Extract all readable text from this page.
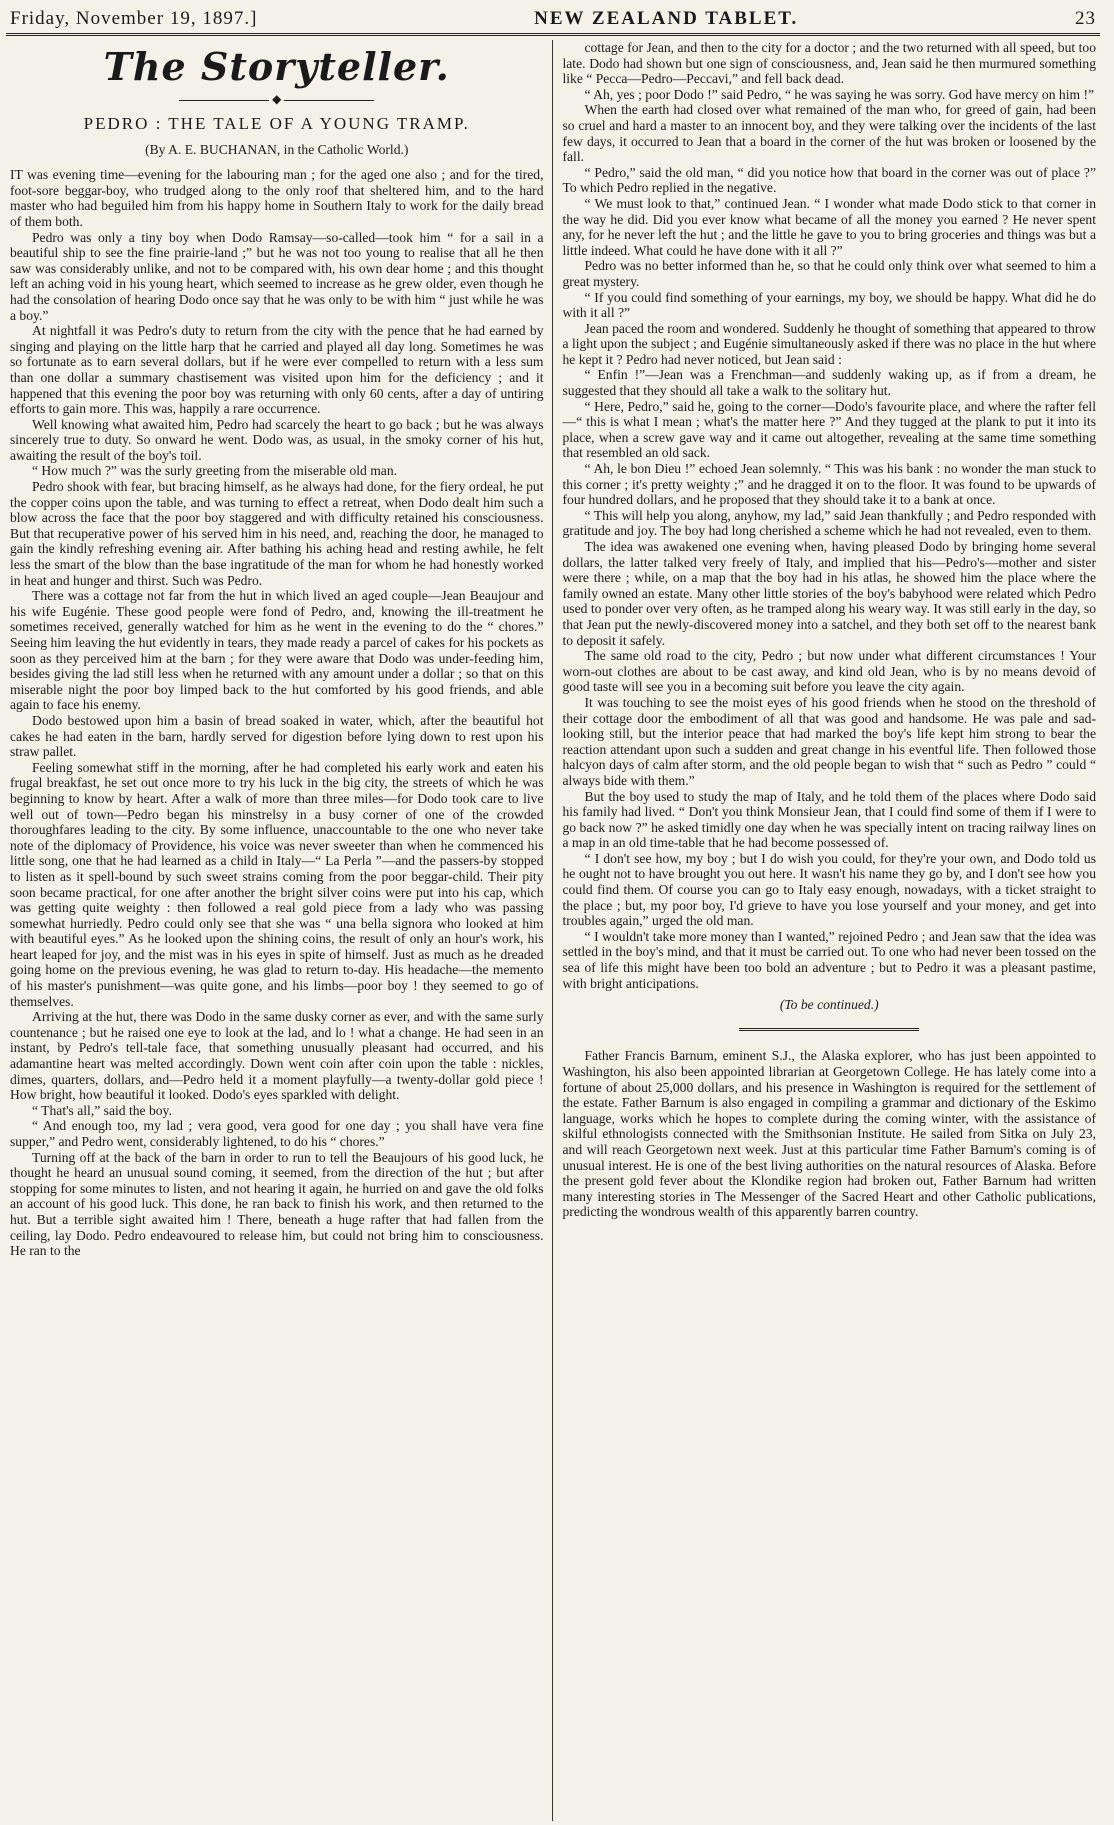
Friday, November 19, 1897.]	NEW ZEALAND TABLET.	23
The Storyteller.
◆
PEDRO : THE TALE OF A YOUNG TRAMP.
(By A. E. BUCHANAN, in the Catholic World.)

IT was evening time—evening for the labouring man ; for the aged one also ; and for the tired, foot-sore beggar-boy, who trudged along to the only roof that sheltered him, and to the hard master who had beguiled him from his happy home in Southern Italy to work for the daily bread of them both.

Pedro was only a tiny boy when Dodo Ramsay—so-called—took him “ for a sail in a beautiful ship to see the fine prairie-land ;” but he was not too young to realise that all he then saw was considerably unlike, and not to be compared with, his own dear home ; and this thought left an aching void in his young heart, which seemed to increase as he grew older, even though he had the consolation of hearing Dodo once say that he was only to be with him “ just while he was a boy.”

At nightfall it was Pedro's duty to return from the city with the pence that he had earned by singing and playing on the little harp that he carried and played all day long. Sometimes he was so fortunate as to earn several dollars, but if he were ever compelled to return with a less sum than one dollar a summary chastisement was visited upon him for the deficiency ; and it happened that this evening the poor boy was returning with only 60 cents, after a day of untiring efforts to gain more. This was, happily a rare occurrence.

Well knowing what awaited him, Pedro had scarcely the heart to go back ; but he was always sincerely true to duty. So onward he went. Dodo was, as usual, in the smoky corner of his hut, awaiting the result of the boy's toil.

“ How much ?” was the surly greeting from the miserable old man.

Pedro shook with fear, but bracing himself, as he always had done, for the fiery ordeal, he put the copper coins upon the table, and was turning to effect a retreat, when Dodo dealt him such a blow across the face that the poor boy staggered and with difficulty retained his consciousness. But that recuperative power of his served him in his need, and, reaching the door, he managed to gain the kindly refreshing evening air. After bathing his aching head and resting awhile, he felt less the smart of the blow than the base ingratitude of the man for whom he had honestly worked in heat and hunger and thirst. Such was Pedro.

There was a cottage not far from the hut in which lived an aged couple—Jean Beaujour and his wife Eugénie. These good people were fond of Pedro, and, knowing the ill-treatment he sometimes received, generally watched for him as he went in the evening to do the “ chores.” Seeing him leaving the hut evidently in tears, they made ready a parcel of cakes for his pockets as soon as they perceived him at the barn ; for they were aware that Dodo was under-feeding him, besides giving the lad still less when he returned with any amount under a dollar ; so that on this miserable night the poor boy limped back to the hut comforted by his good friends, and able again to face his enemy.

Dodo bestowed upon him a basin of bread soaked in water, which, after the beautiful hot cakes he had eaten in the barn, hardly served for digestion before lying down to rest upon his straw pallet.

Feeling somewhat stiff in the morning, after he had completed his early work and eaten his frugal breakfast, he set out once more to try his luck in the big city, the streets of which he was beginning to know by heart. After a walk of more than three miles—for Dodo took care to live well out of town—Pedro began his minstrelsy in a busy corner of one of the crowded thoroughfares leading to the city. By some influence, unaccountable to the one who never take note of the diplomacy of Providence, his voice was never sweeter than when he commenced his little song, one that he had learned as a child in Italy—“ La Perla ”—and the passers-by stopped to listen as it spell-bound by such sweet strains coming from the poor beggar-child. Their pity soon became practical, for one after another the bright silver coins were put into his cap, which was getting quite weighty : then followed a real gold piece from a lady who was passing somewhat hurriedly. Pedro could only see that she was “ una bella signora who looked at him with beautiful eyes.” As he looked upon the shining coins, the result of only an hour's work, his heart leaped for joy, and the mist was in his eyes in spite of himself. Just as much as he dreaded going home on the previous evening, he was glad to return to-day. His headache—the memento of his master's punishment—was quite gone, and his limbs—poor boy ! they seemed to go of themselves.

Arriving at the hut, there was Dodo in the same dusky corner as ever, and with the same surly countenance ; but he raised one eye to look at the lad, and lo ! what a change. He had seen in an instant, by Pedro's tell-tale face, that something unusually pleasant had occurred, and his adamantine heart was melted accordingly. Down went coin after coin upon the table : nickles, dimes, quarters, dollars, and—Pedro held it a moment playfully—a twenty-dollar gold piece ! How bright, how beautiful it looked. Dodo's eyes sparkled with delight.

“ That's all,” said the boy.

“ And enough too, my lad ; vera good, vera good for one day ; you shall have vera fine supper,” and Pedro went, considerably lightened, to do his “ chores.”

Turning off at the back of the barn in order to run to tell the Beaujours of his good luck, he thought he heard an unusual sound coming, it seemed, from the direction of the hut ; but after stopping for some minutes to listen, and not hearing it again, he hurried on and gave the old folks an account of his good luck. This done, he ran back to finish his work, and then returned to the hut. But a terrible sight awaited him ! There, beneath a huge rafter that had fallen from the ceiling, lay Dodo. Pedro endeavoured to release him, but could not bring him to consciousness. He ran to the

cottage for Jean, and then to the city for a doctor ; and the two returned with all speed, but too late. Dodo had shown but one sign of consciousness, and, Jean said he then murmured something like “ Pecca—Pedro—Peccavi,” and fell back dead.

“ Ah, yes ; poor Dodo !” said Pedro, “ he was saying he was sorry. God have mercy on him !”

When the earth had closed over what remained of the man who, for greed of gain, had been so cruel and hard a master to an innocent boy, and they were talking over the incidents of the last few days, it occurred to Jean that a board in the corner of the hut was broken or loosened by the fall.

“ Pedro,” said the old man, “ did you notice how that board in the corner was out of place ?” To which Pedro replied in the negative.

“ We must look to that,” continued Jean. “ I wonder what made Dodo stick to that corner in the way he did. Did you ever know what became of all the money you earned ? He never spent any, for he never left the hut ; and the little he gave to you to bring groceries and things was but a little indeed. What could he have done with it all ?”

Pedro was no better informed than he, so that he could only think over what seemed to him a great mystery.

“ If you could find something of your earnings, my boy, we should be happy. What did he do with it all ?”

Jean paced the room and wondered. Suddenly he thought of something that appeared to throw a light upon the subject ; and Eugénie simultaneously asked if there was no place in the hut where he kept it ? Pedro had never noticed, but Jean said :

“ Enfin !”—Jean was a Frenchman—and suddenly waking up, as if from a dream, he suggested that they should all take a walk to the solitary hut.

“ Here, Pedro,” said he, going to the corner—Dodo's favourite place, and where the rafter fell—“ this is what I mean ; what's the matter here ?” And they tugged at the plank to put it into its place, when a screw gave way and it came out altogether, revealing at the same time something that resembled an old sack.

“ Ah, le bon Dieu !” echoed Jean solemnly. “ This was his bank : no wonder the man stuck to this corner ; it's pretty weighty ;” and he dragged it on to the floor. It was found to be upwards of four hundred dollars, and he proposed that they should take it to a bank at once.

“ This will help you along, anyhow, my lad,” said Jean thankfully ; and Pedro responded with gratitude and joy. The boy had long cherished a scheme which he had not revealed, even to them.

The idea was awakened one evening when, having pleased Dodo by bringing home several dollars, the latter talked very freely of Italy, and implied that his—Pedro's—mother and sister were there ; while, on a map that the boy had in his atlas, he showed him the place where the family owned an estate. Many other little stories of the boy's babyhood were related which Pedro used to ponder over very often, as he tramped along his weary way. It was still early in the day, so that Jean put the newly-discovered money into a satchel, and they both set off to the nearest bank to deposit it safely.

The same old road to the city, Pedro ; but now under what different circumstances ! Your worn-out clothes are about to be cast away, and kind old Jean, who is by no means devoid of good taste will see you in a becoming suit before you leave the city again.

It was touching to see the moist eyes of his good friends when he stood on the threshold of their cottage door the embodiment of all that was good and handsome. He was pale and sad-looking still, but the interior peace that had marked the boy's life kept him strong to bear the reaction attendant upon such a sudden and great change in his eventful life. Then followed those halcyon days of calm after storm, and the old people began to wish that “ such as Pedro ” could “ always bide with them.”

But the boy used to study the map of Italy, and he told them of the places where Dodo said his family had lived. “ Don't you think Monsieur Jean, that I could find some of them if I were to go back now ?” he asked timidly one day when he was specially intent on tracing railway lines on a map in an old time-table that he had become possessed of.

“ I don't see how, my boy ; but I do wish you could, for they're your own, and Dodo told us he ought not to have brought you out here. It wasn't his name they go by, and I don't see how you could find them. Of course you can go to Italy easy enough, nowadays, with a ticket straight to the place ; but, my poor boy, I'd grieve to have you lose yourself and your money, and get into troubles again,” urged the old man.

“ I wouldn't take more money than I wanted,” rejoined Pedro ; and Jean saw that the idea was settled in the boy's mind, and that it must be carried out. To one who had never been tossed on the sea of life this might have been too bold an adventure ; but to Pedro it was a pleasant pastime, with bright anticipations.

(To be continued.)

Father Francis Barnum, eminent S.J., the Alaska explorer, who has just been appointed to Washington, his also been appointed librarian at Georgetown College. He has lately come into a fortune of about 25,000 dollars, and his presence in Washington is required for the settlement of the estate. Father Barnum is also engaged in compiling a grammar and dictionary of the Eskimo language, works which he hopes to complete during the coming winter, with the assistance of skilful ethnologists connected with the Smithsonian Institute. He sailed from Sitka on July 23, and will reach Georgetown next week. Just at this particular time Father Barnum's coming is of unusual interest. He is one of the best living authorities on the natural resources of Alaska. Before the present gold fever about the Klondike region had broken out, Father Barnum had written many interesting stories in The Messenger of the Sacred Heart and other Catholic publications, predicting the wondrous wealth of this apparently barren country.
